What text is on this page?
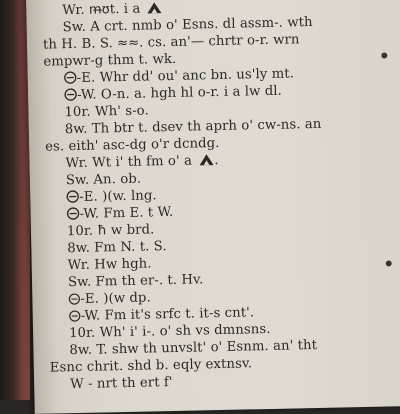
Wr. m̶ʊt. i a
Sw. A crt. nmb o' Esns. dl assm-. wth
th H. B. S. ≈≈. cs. an'— chrtr o-r. wrn
empwr-g thm t. wk.
-E. Whr dd' ou' anc bn. us'ly mt.
-W. O-n. a. hgh hl o-r. i a lw dl.
10r. Wh' s-o.
8w. Th btr t. dsev th aprh o' cw-ns. an
es. eith' asc-dg o'r dcndg.
Wr. Wt i' th fm o' a .
Sw. An. ob.
-E. )(w. lng.
-W. Fm E. t W.
10r. ħ w brd.
8w. Fm N. t. S.
Wr. Hw hgh.
Sw. Fm th er-. t. Hv.
-E. )(w dp.
-W. Fm it's srfc t. it-s cnt'.
10r. Wh' i' i-. o' sh vs dmnsns.
8w. T. shw th unvslt' o' Esnm. an' tht
Esnc chrit. shd b. eqly extnsv.
W - nrt th ert f'
